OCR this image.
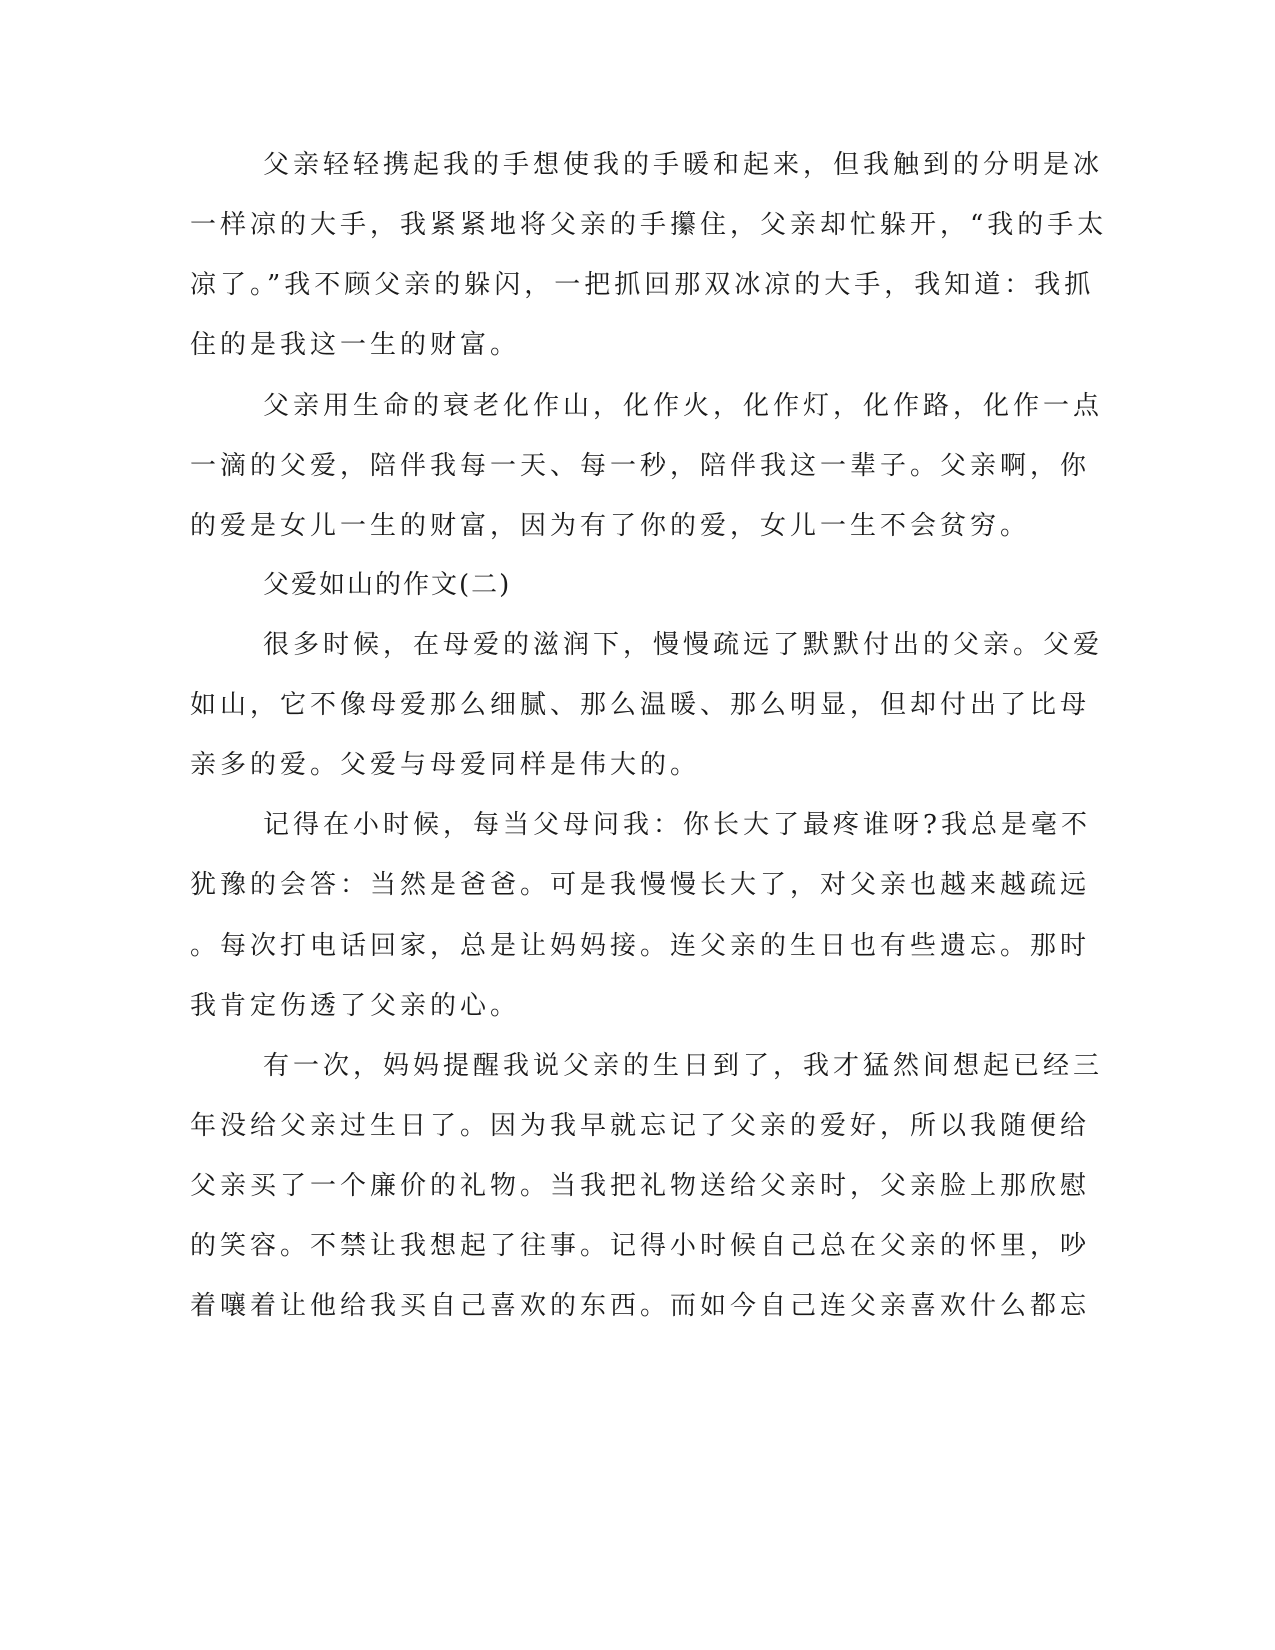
父亲轻轻携起我的手想使我的手暖和起来，但我触到的分明是冰
一样凉的大手，我紧紧地将父亲的手攥住，父亲却忙躲开，“我的手太
凉了。”我不顾父亲的躲闪，一把抓回那双冰凉的大手，我知道：我抓
住的是我这一生的财富。
父亲用生命的衰老化作山，化作火，化作灯，化作路，化作一点
一滴的父爱，陪伴我每一天、每一秒，陪伴我这一辈子。父亲啊，你
的爱是女儿一生的财富，因为有了你的爱，女儿一生不会贫穷。
父爱如山的作文(二)
很多时候，在母爱的滋润下，慢慢疏远了默默付出的父亲。父爱
如山，它不像母爱那么细腻、那么温暖、那么明显，但却付出了比母
亲多的爱。父爱与母爱同样是伟大的。
记得在小时候，每当父母问我：你长大了最疼谁呀?我总是毫不
犹豫的会答：当然是爸爸。可是我慢慢长大了，对父亲也越来越疏远
。每次打电话回家，总是让妈妈接。连父亲的生日也有些遗忘。那时
我肯定伤透了父亲的心。
有一次，妈妈提醒我说父亲的生日到了，我才猛然间想起已经三
年没给父亲过生日了。因为我早就忘记了父亲的爱好，所以我随便给
父亲买了一个廉价的礼物。当我把礼物送给父亲时，父亲脸上那欣慰
的笑容。不禁让我想起了往事。记得小时候自己总在父亲的怀里，吵
着嚷着让他给我买自己喜欢的东西。而如今自己连父亲喜欢什么都忘
